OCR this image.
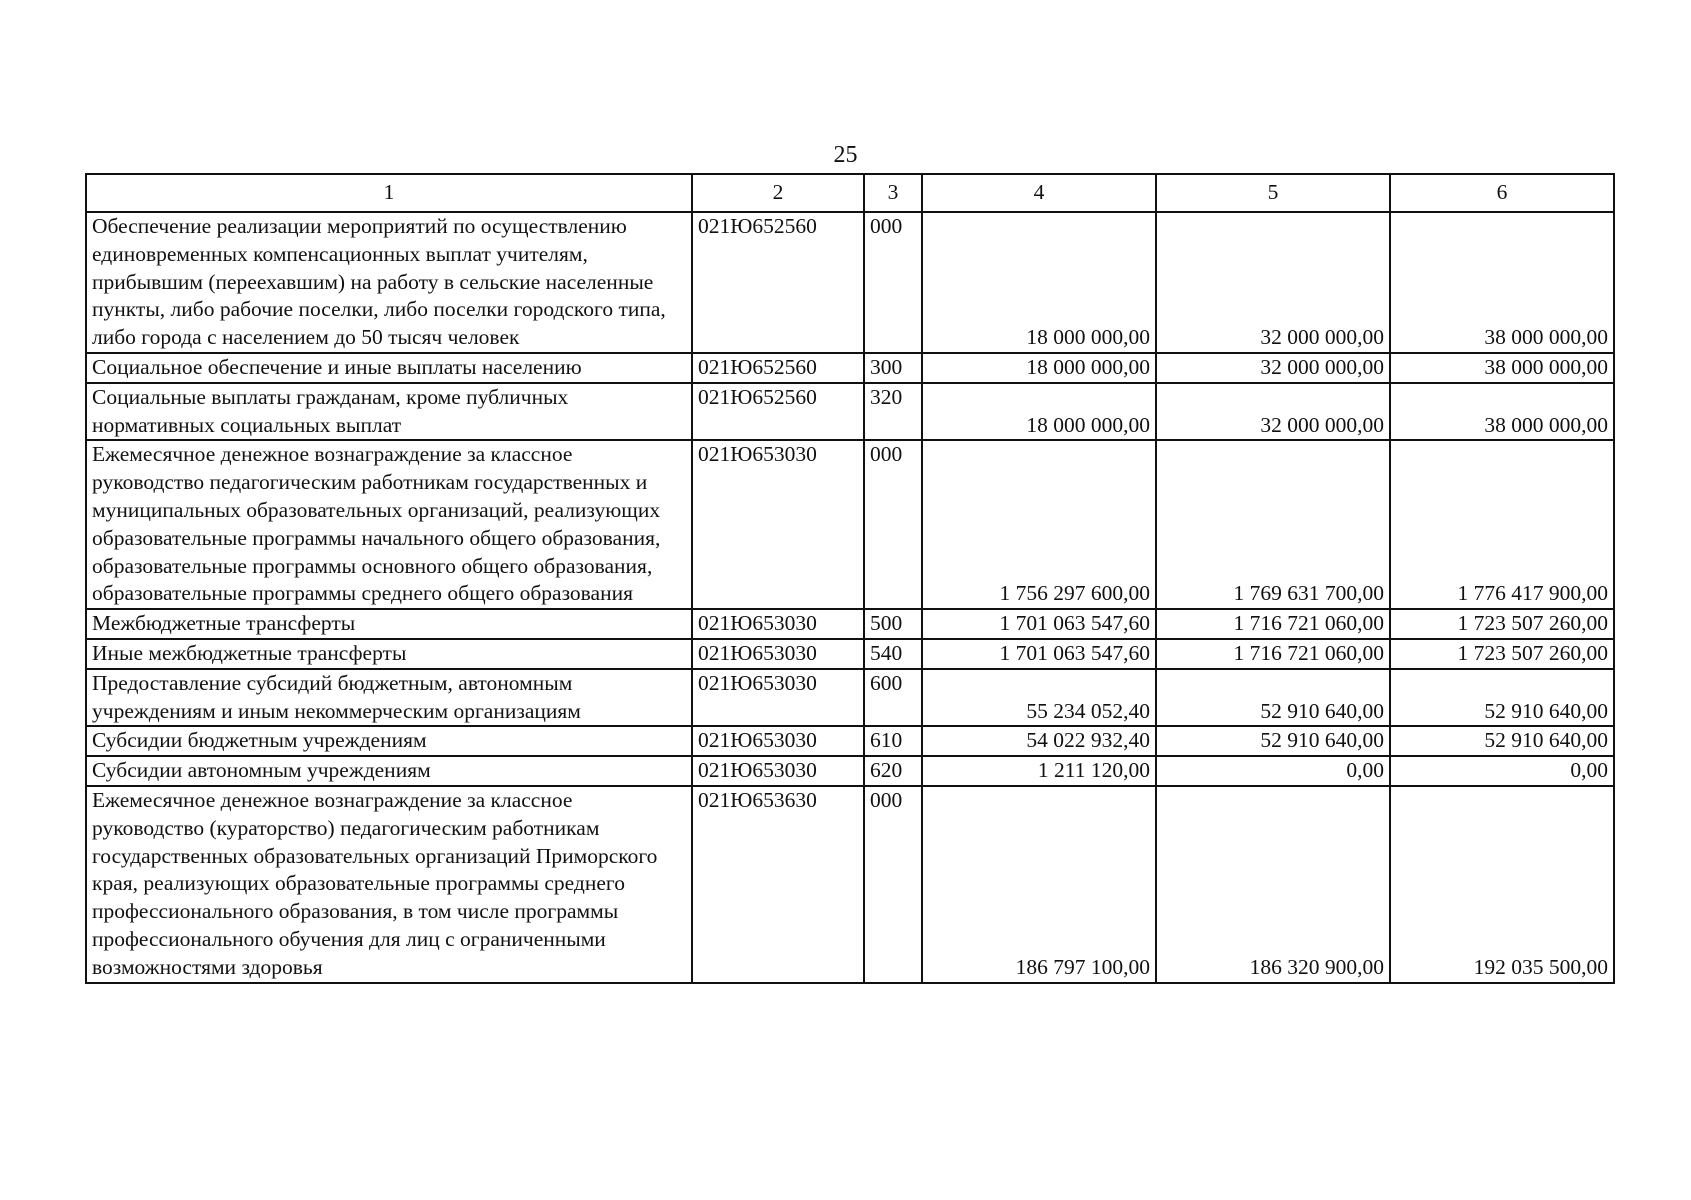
25
1	2	3	4	5	6
Обеспечение реализации мероприятий по осуществлению единовременных компенсационных выплат учителям, прибывшим (переехавшим) на работу в сельские населенные пункты, либо рабочие поселки, либо поселки городского типа, либо города с населением до 50 тысяч человек	021Ю652560	000	18 000 000,00	32 000 000,00	38 000 000,00
Социальное обеспечение и иные выплаты населению	021Ю652560	300	18 000 000,00	32 000 000,00	38 000 000,00
Социальные выплаты гражданам, кроме публичных нормативных социальных выплат	021Ю652560	320	18 000 000,00	32 000 000,00	38 000 000,00
Ежемесячное денежное вознаграждение за классное руководство педагогическим работникам государственных и муниципальных образовательных организаций, реализующих образовательные программы начального общего образования, образовательные программы основного общего образования, образовательные программы среднего общего образования	021Ю653030	000	1 756 297 600,00	1 769 631 700,00	1 776 417 900,00
Межбюджетные трансферты	021Ю653030	500	1 701 063 547,60	1 716 721 060,00	1 723 507 260,00
Иные межбюджетные трансферты	021Ю653030	540	1 701 063 547,60	1 716 721 060,00	1 723 507 260,00
Предоставление субсидий бюджетным, автономным учреждениям и иным некоммерческим организациям	021Ю653030	600	55 234 052,40	52 910 640,00	52 910 640,00
Субсидии бюджетным учреждениям	021Ю653030	610	54 022 932,40	52 910 640,00	52 910 640,00
Субсидии автономным учреждениям	021Ю653030	620	1 211 120,00	0,00	0,00
Ежемесячное денежное вознаграждение за классное руководство (кураторство) педагогическим работникам государственных образовательных организаций Приморского края, реализующих образовательные программы среднего профессионального образования, в том числе программы профессионального обучения для лиц с ограниченными возможностями здоровья	021Ю653630	000	186 797 100,00	186 320 900,00	192 035 500,00
